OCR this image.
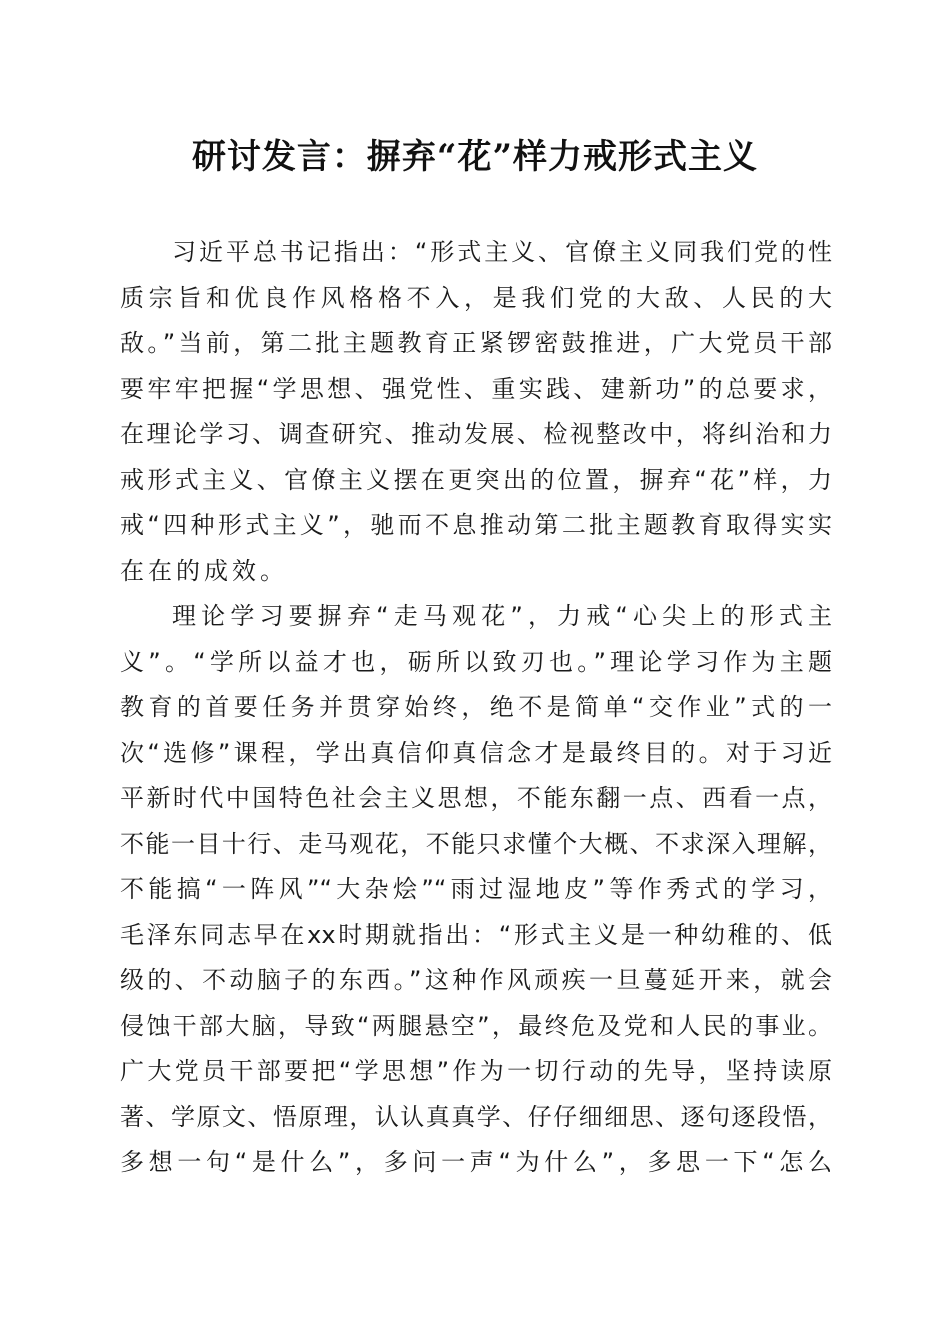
研讨发言：摒弃“花”样力戒形式主义
习近平总书记指出：“形式主义、官僚主义同我们党的性
质宗旨和优良作风格格不入，是我们党的大敌、人民的大
敌。”当前，第二批主题教育正紧锣密鼓推进，广大党员干部
要牢牢把握“学思想、强党性、重实践、建新功”的总要求，
在理论学习、调查研究、推动发展、检视整改中，将纠治和力
戒形式主义、官僚主义摆在更突出的位置，摒弃“花”样，力
戒“四种形式主义”，驰而不息推动第二批主题教育取得实实
在在的成效。
理论学习要摒弃“走马观花”，力戒“心尖上的形式主
义”。“学所以益才也，砺所以致刃也。”理论学习作为主题
教育的首要任务并贯穿始终，绝不是简单“交作业”式的一
次“选修”课程，学出真信仰真信念才是最终目的。对于习近
平新时代中国特色社会主义思想，不能东翻一点、西看一点，
不能一目十行、走马观花，不能只求懂个大概、不求深入理解，
不能搞“一阵风”“大杂烩”“雨过湿地皮”等作秀式的学习，
毛泽东同志早在xx时期就指出：“形式主义是一种幼稚的、低
级的、不动脑子的东西。”这种作风顽疾一旦蔓延开来，就会
侵蚀干部大脑，导致“两腿悬空”，最终危及党和人民的事业。
广大党员干部要把“学思想”作为一切行动的先导，坚持读原
著、学原文、悟原理，认认真真学、仔仔细细思、逐句逐段悟，
多想一句“是什么”，多问一声“为什么”，多思一下“怎么
